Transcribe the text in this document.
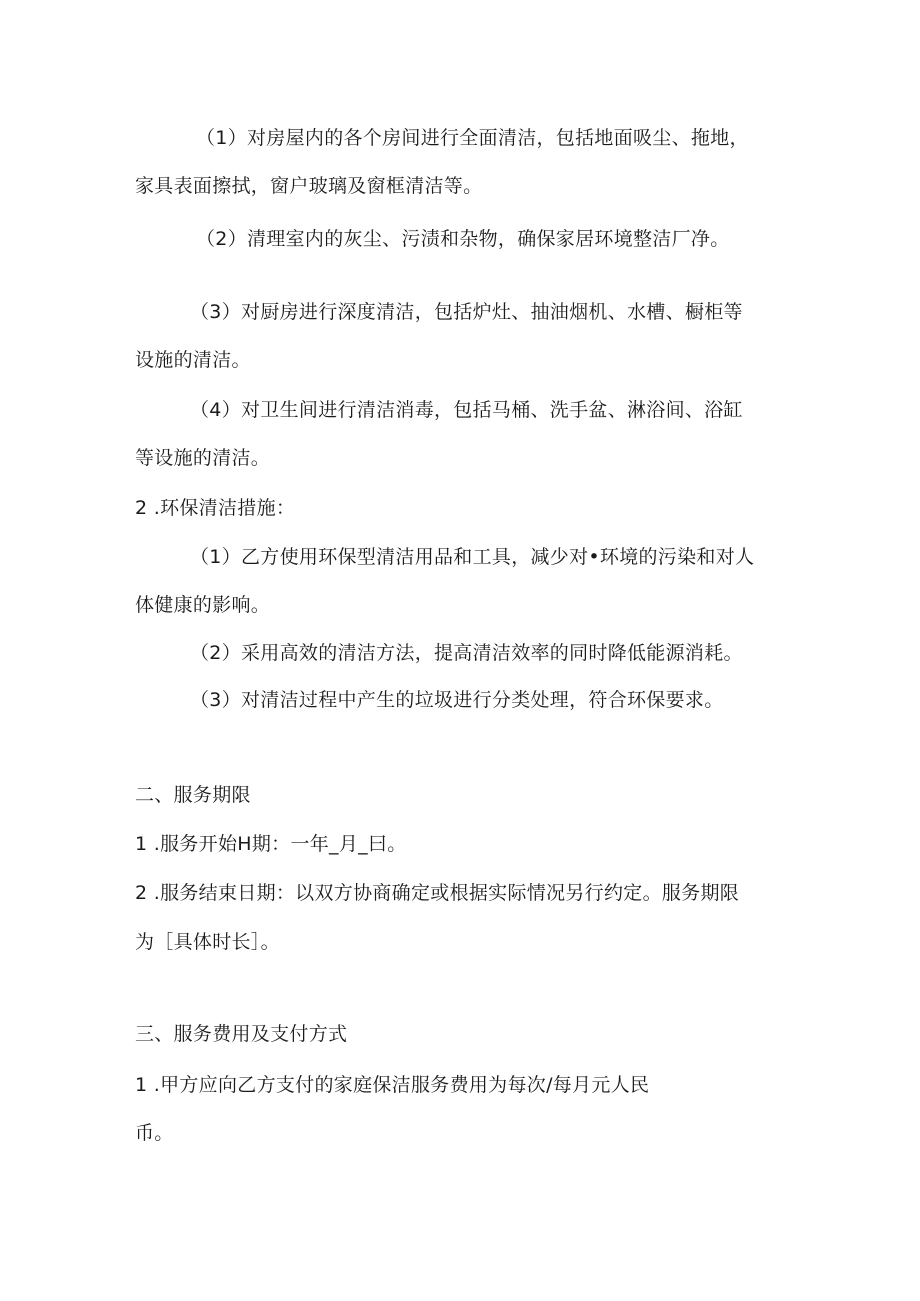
（1）对房屋内的各个房间进行全面清洁，包括地面吸尘、拖地，
家具表面擦拭，窗户玻璃及窗框清洁等。
（2）清理室内的灰尘、污渍和杂物，确保家居环境整洁厂净。
（3）对厨房进行深度清洁，包括炉灶、抽油烟机、水槽、橱柜等
设施的清洁。
（4）对卫生间进行清洁消毒，包括马桶、洗手盆、淋浴间、浴缸
等设施的清洁。
2 .环保清洁措施：
（1）乙方使用环保型清洁用品和工具，减少对•环境的污染和对人
体健康的影响。
（2）采用高效的清洁方法，提高清洁效率的同时降低能源消耗。
（3）对清洁过程中产生的垃圾进行分类处理，符合环保要求。
二、服务期限
1 .服务开始H期：一年_月_曰。
2 .服务结束日期：以双方协商确定或根据实际情况另行约定。服务期限
为［具体时长］。
三、服务费用及支付方式
1 .甲方应向乙方支付的家庭保洁服务费用为每次/每月元人民
币。
